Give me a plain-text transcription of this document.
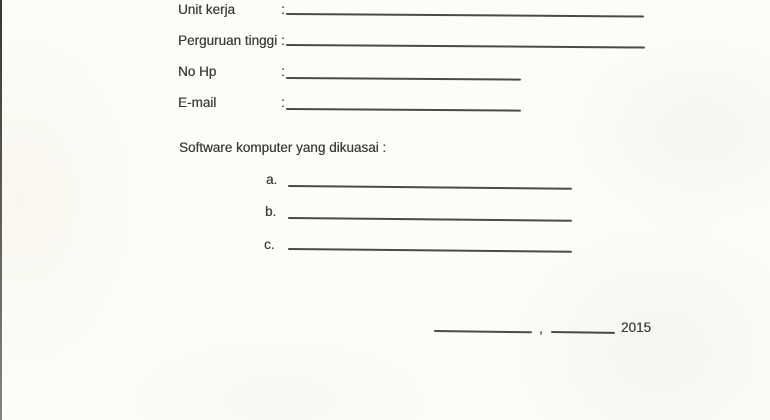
Unit kerja	:
Perguruan tinggi :
No Hp	:
E-mail	:
Software komputer yang dikuasai :
a.
b.
c.
,	2015
